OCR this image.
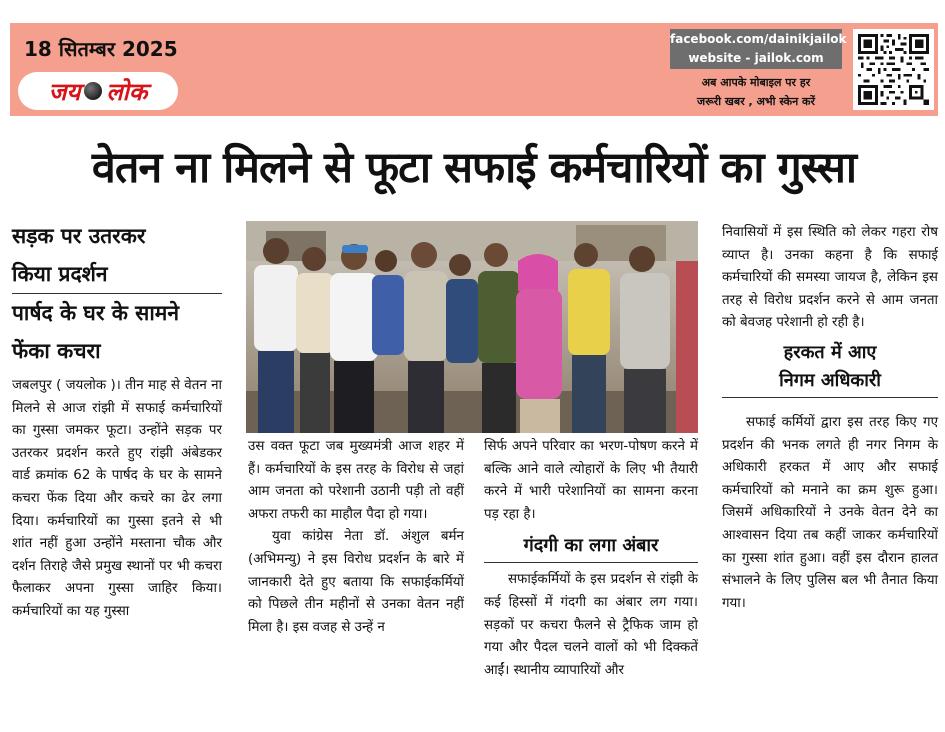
18 सितम्बर 2025
जय लोक
facebook.com/dainikjailok
website - jailok.com
अब आपके मोबाइल पर हर
जरूरी खबर , अभी स्केन करें
वेतन ना मिलने से फूटा सफाई कर्मचारियों का गुस्सा
सड़क पर उतरकर
किया प्रदर्शन
पार्षद के घर के सामने
फेंका कचरा

जबलपुर ( जयलोक )। तीन माह से वेतन ना मिलने से आज रांझी में सफाई कर्मचारियों का गुस्सा जमकर फूटा। उन्होंने सड़क पर उतरकर प्रदर्शन करते हुए रांझी अंबेडकर वार्ड क्रमांक 62 के पार्षद के घर के सामने कचरा फेंक दिया और कचरे का ढेर लगा दिया। कर्मचारियों का गुस्सा इतने से भी शांत नहीं हुआ उन्होंने मस्ताना चौक और दर्शन तिराहे जैसे प्रमुख स्थानों पर भी कचरा फैलाकर अपना गुस्सा जाहिर किया। कर्मचारियों का यह गुस्सा

उस वक्त फूटा जब मुख्यमंत्री आज शहर में हैं। कर्मचारियों के इस तरह के विरोध से जहां आम जनता को परेशानी उठानी पड़ी तो वहीं अफरा तफरी का माहौल पैदा हो गया।

युवा कांग्रेस नेता डॉ. अंशुल बर्मन (अभिमन्यु) ने इस विरोध प्रदर्शन के बारे में जानकारी देते हुए बताया कि सफाईकर्मियों को पिछले तीन महीनों से उनका वेतन नहीं मिला है। इस वजह से उन्हें न

सिर्फ अपने परिवार का भरण-पोषण करने में बल्कि आने वाले त्योहारों के लिए भी तैयारी करने में भारी परेशानियों का सामना करना पड़ रहा है।

गंदगी का लगा अंबार

सफाईकर्मियों के इस प्रदर्शन से रांझी के कई हिस्सों में गंदगी का अंबार लग गया। सड़कों पर कचरा फैलने से ट्रैफिक जाम हो गया और पैदल चलने वालों को भी दिक्कतें आईं। स्थानीय व्यापारियों और

निवासियों में इस स्थिति को लेकर गहरा रोष व्याप्त है। उनका कहना है कि सफाई कर्मचारियों की समस्या जायज है, लेकिन इस तरह से विरोध प्रदर्शन करने से आम जनता को बेवजह परेशानी हो रही है।

हरकत में आए
निगम अधिकारी

सफाई कर्मियों द्वारा इस तरह किए गए प्रदर्शन की भनक लगते ही नगर निगम के अधिकारी हरकत में आए और सफाई कर्मचारियों को मनाने का क्रम शुरू हुआ। जिसमें अधिकारियों ने उनके वेतन देने का आश्वासन दिया तब कहीं जाकर कर्मचारियों का गुस्सा शांत हुआ। वहीं इस दौरान हालत संभालने के लिए पुलिस बल भी तैनात किया गया।
